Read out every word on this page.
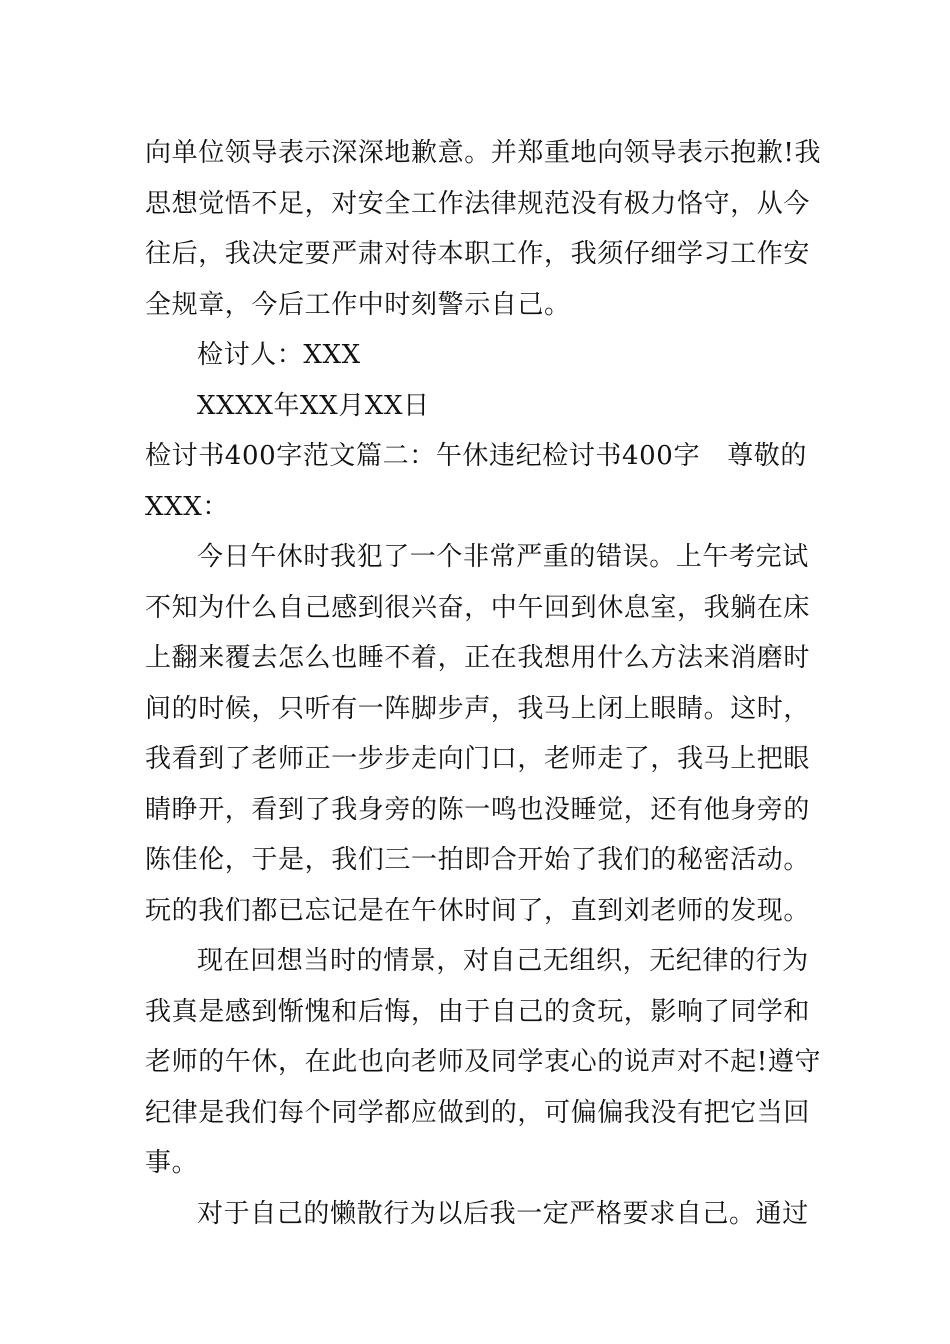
向单位领导表示深深地歉意。并郑重地向领导表示抱歉!我
思想觉悟不足，对安全工作法律规范没有极力恪守，从今
往后，我决定要严肃对待本职工作，我须仔细学习工作安
全规章，今后工作中时刻警示自己。
检讨人：XXX
XXXX年XX月XX日
检讨书400字范文篇二：午休违纪检讨书400字 尊敬的
XXX：
今日午休时我犯了一个非常严重的错误。上午考完试
不知为什么自己感到很兴奋，中午回到休息室，我躺在床
上翻来覆去怎么也睡不着，正在我想用什么方法来消磨时
间的时候，只听有一阵脚步声，我马上闭上眼睛。这时，
我看到了老师正一步步走向门口，老师走了，我马上把眼
睛睁开，看到了我身旁的陈一鸣也没睡觉，还有他身旁的
陈佳伦，于是，我们三一拍即合开始了我们的秘密活动。
玩的我们都已忘记是在午休时间了，直到刘老师的发现。
现在回想当时的情景，对自己无组织，无纪律的行为
我真是感到惭愧和后悔，由于自己的贪玩，影响了同学和
老师的午休，在此也向老师及同学衷心的说声对不起!遵守
纪律是我们每个同学都应做到的，可偏偏我没有把它当回
事。
对于自己的懒散行为以后我一定严格要求自己。通过
